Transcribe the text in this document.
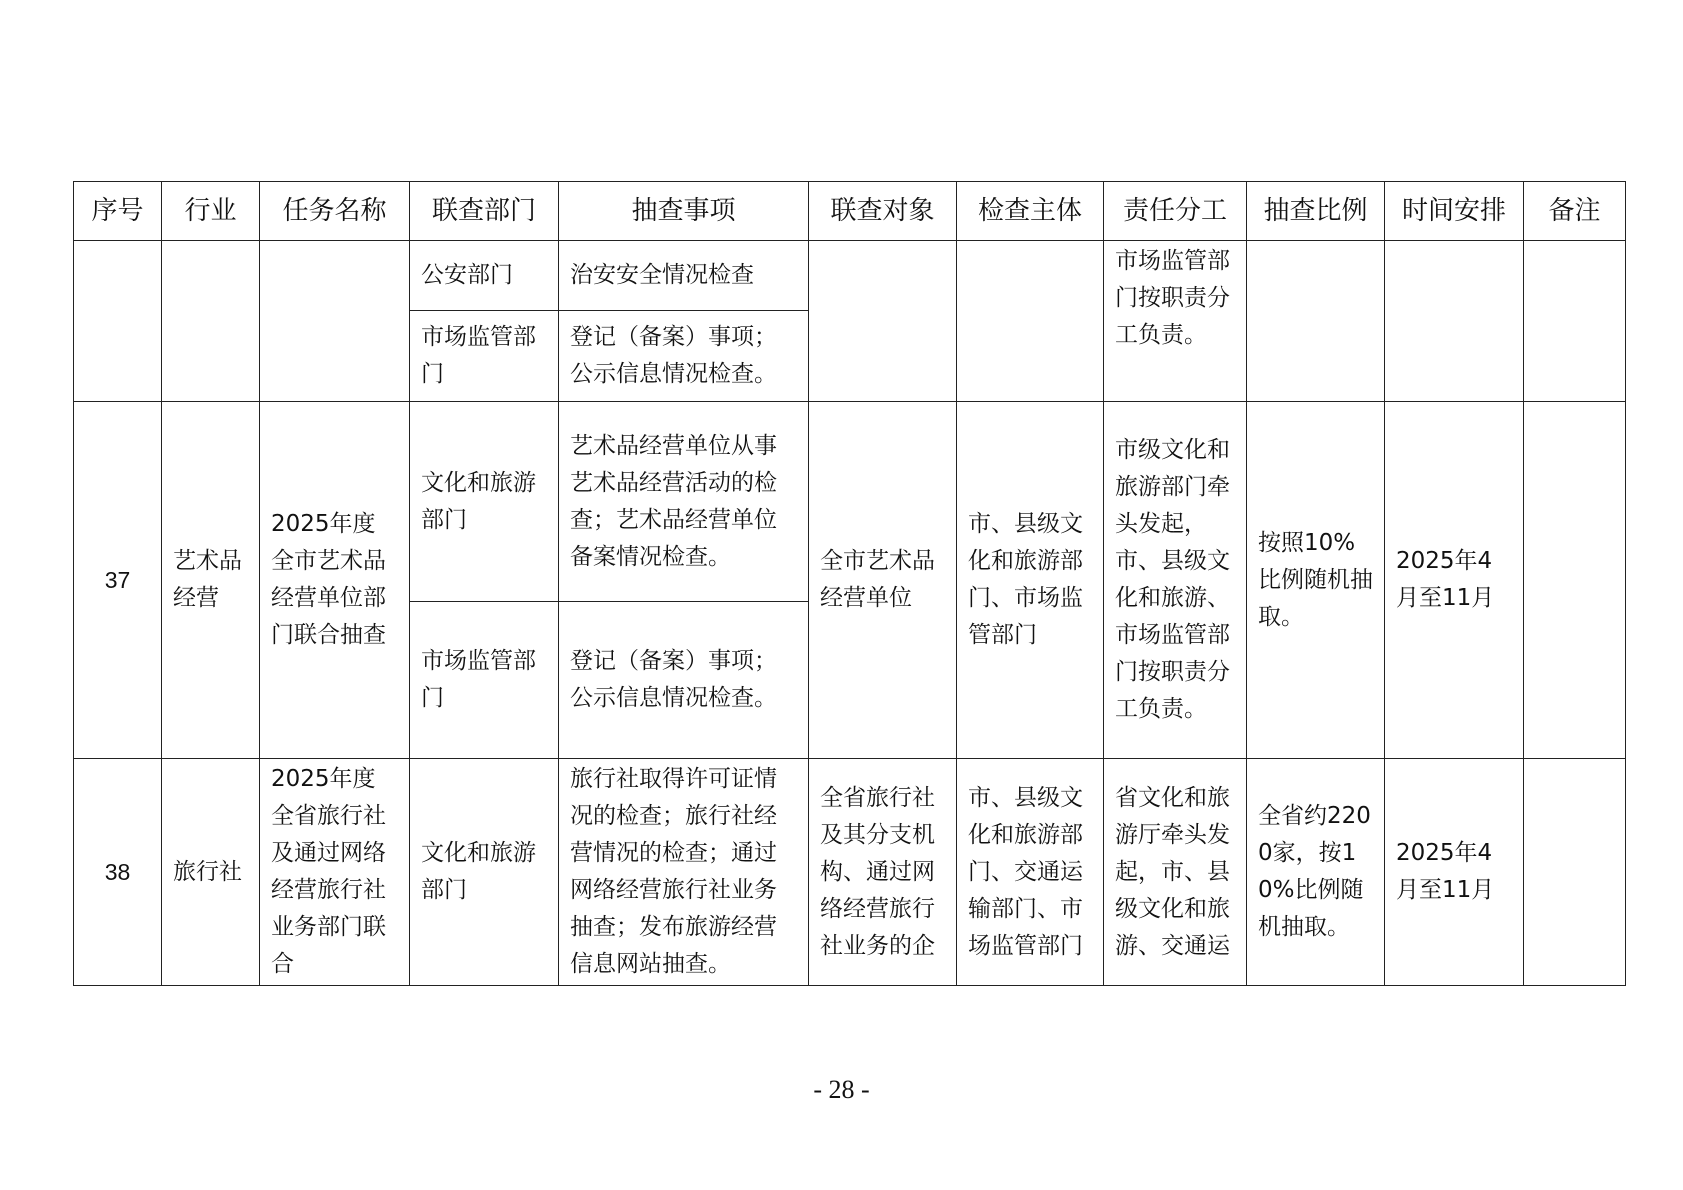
序号	行业	任务名称	联查部门	抽查事项	联查对象	检查主体	责任分工	抽查比例	时间安排	备注
			公安部门	治安安全情况检查			市场监管部门按职责分工负责。			
			市场监管部门	登记（备案）事项；公示信息情况检查。						
37	艺术品经营	2025年度全市艺术品经营单位部门联合抽查	文化和旅游部门	艺术品经营单位从事艺术品经营活动的检查；艺术品经营单位备案情况检查。	全市艺术品经营单位	市、县级文化和旅游部门、市场监管部门	市级文化和旅游部门牵头发起，市、县级文化和旅游、市场监管部门按职责分工负责。	按照10%比例随机抽取。	2025年4月至11月	
			市场监管部门	登记（备案）事项；公示信息情况检查。						
38	旅行社	2025年度全省旅行社及通过网络经营旅行社业务部门联合	文化和旅游部门	旅行社取得许可证情况的检查；旅行社经营情况的检查；通过网络经营旅行社业务抽查；发布旅游经营信息网站抽查。	全省旅行社及其分支机构、通过网络经营旅行社业务的企	市、县级文化和旅游部门、交通运输部门、市场监管部门	省文化和旅游厅牵头发起，市、县级文化和旅游、交通运	全省约2200家，按10%比例随机抽取。	2025年4月至11月	
- 28 -
